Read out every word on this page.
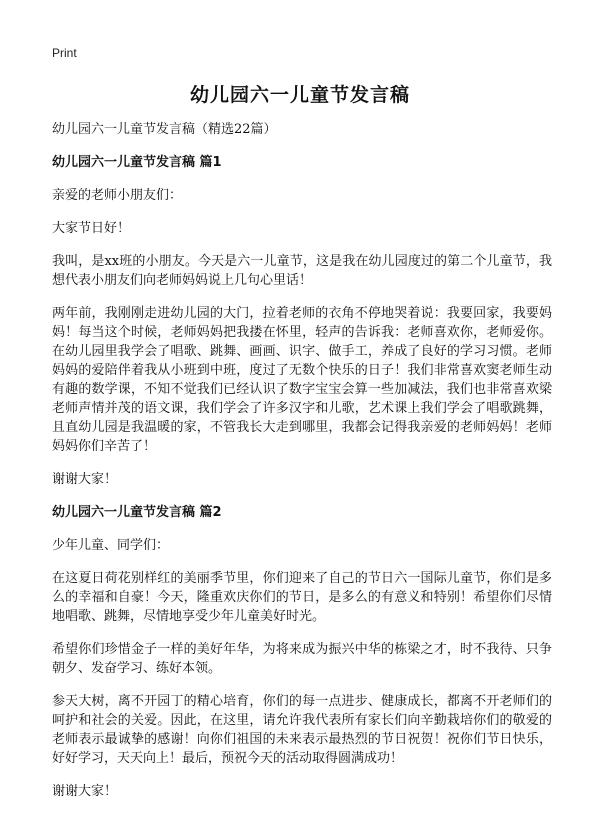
Print
幼儿园六一儿童节发言稿

幼儿园六一儿童节发言稿（精选22篇）

幼儿园六一儿童节发言稿 篇1

亲爱的老师小朋友们：

大家节日好！

我叫，是xx班的小朋友。今天是六一儿童节，这是我在幼儿园度过的第二个儿童节，我想代表小朋友们向老师妈妈说上几句心里话！

两年前，我刚刚走进幼儿园的大门，拉着老师的衣角不停地哭着说：我要回家，我要妈妈！每当这个时候，老师妈妈把我搂在怀里，轻声的告诉我：老师喜欢你，老师爱你。在幼儿园里我学会了唱歌、跳舞、画画、识字、做手工，养成了良好的学习习惯。老师妈妈的爱陪伴着我从小班到中班，度过了无数个快乐的日子！我们非常喜欢窦老师生动有趣的数学课，不知不觉我们已经认识了数字宝宝会算一些加减法，我们也非常喜欢梁老师声情并茂的语文课，我们学会了许多汉字和儿歌，艺术课上我们学会了唱歌跳舞，且直幼儿园是我温暖的家，不管我长大走到哪里，我都会记得我亲爱的老师妈妈！老师妈妈你们辛苦了！

谢谢大家！

幼儿园六一儿童节发言稿 篇2

少年儿童、同学们：

在这夏日荷花别样红的美丽季节里，你们迎来了自己的节日六一国际儿童节，你们是多么的幸福和自豪！今天，隆重欢庆你们的节日，是多么的有意义和特别！希望你们尽情地唱歌、跳舞，尽情地享受少年儿童美好时光。

希望你们珍惜金子一样的美好年华，为将来成为振兴中华的栋梁之才，时不我待、只争朝夕、发奋学习、练好本领。

参天大树，离不开园丁的精心培育，你们的每一点进步、健康成长，都离不开老师们的呵护和社会的关爱。因此，在这里，请允许我代表所有家长们向辛勤栽培你们的敬爱的老师表示最诚挚的感谢！向你们祖国的未来表示最热烈的节日祝贺！祝你们节日快乐，好好学习，天天向上！最后，预祝今天的活动取得圆满成功！

谢谢大家！
